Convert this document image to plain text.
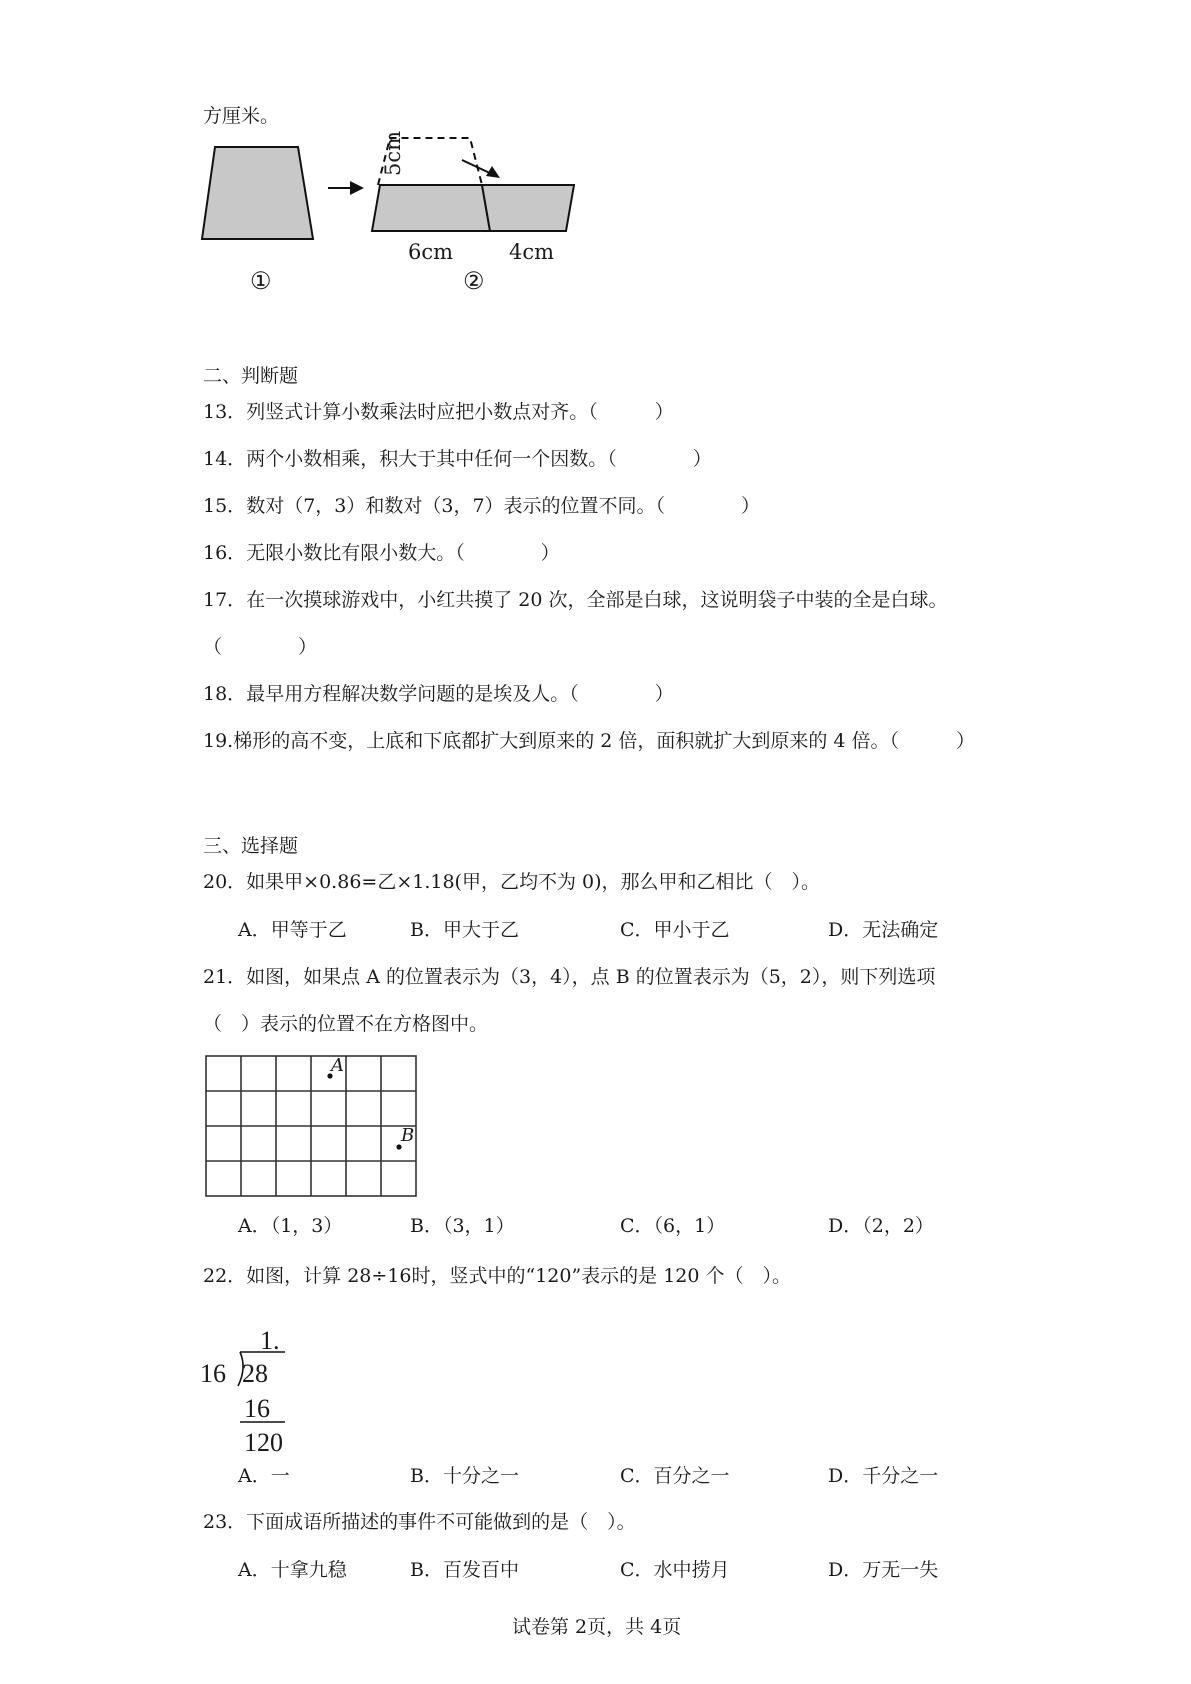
方厘米。
5cm
6cm	4cm
①	②
二、判断题
13．列竖式计算小数乘法时应把小数点对齐。（　　　）
14．两个小数相乘，积大于其中任何一个因数。（　　　　）
15．数对（7，3）和数对（3，7）表示的位置不同。（　　　　）
16．无限小数比有限小数大。（　　　　）
17．在一次摸球游戏中，小红共摸了 20 次，全部是白球，这说明袋子中装的全是白球。
（　　　　）
18．最早用方程解决数学问题的是埃及人。（　　　　）
19.梯形的高不变，上底和下底都扩大到原来的 2 倍，面积就扩大到原来的 4 倍。（　　　）
三、选择题
20．如果甲×0.86=乙×1.18(甲，乙均不为 0)，那么甲和乙相比（　）。
A．甲等于乙	B．甲大于乙	C．甲小于乙	D．无法确定
21．如图，如果点 A 的位置表示为（3，4），点 B 的位置表示为（5，2），则下列选项
（　）表示的位置不在方格图中。
A
B
A．（1，3）	B．（3，1）	C．（6，1）	D．（2，2）
22．如图，计算 28÷16时，竖式中的“120”表示的是 120 个（　）。
1.
16 28
16
120
A．一	B．十分之一	C．百分之一	D．千分之一
23．下面成语所描述的事件不可能做到的是（　）。
A．十拿九稳	B．百发百中	C．水中捞月	D．万无一失
试卷第 2页，共 4页
